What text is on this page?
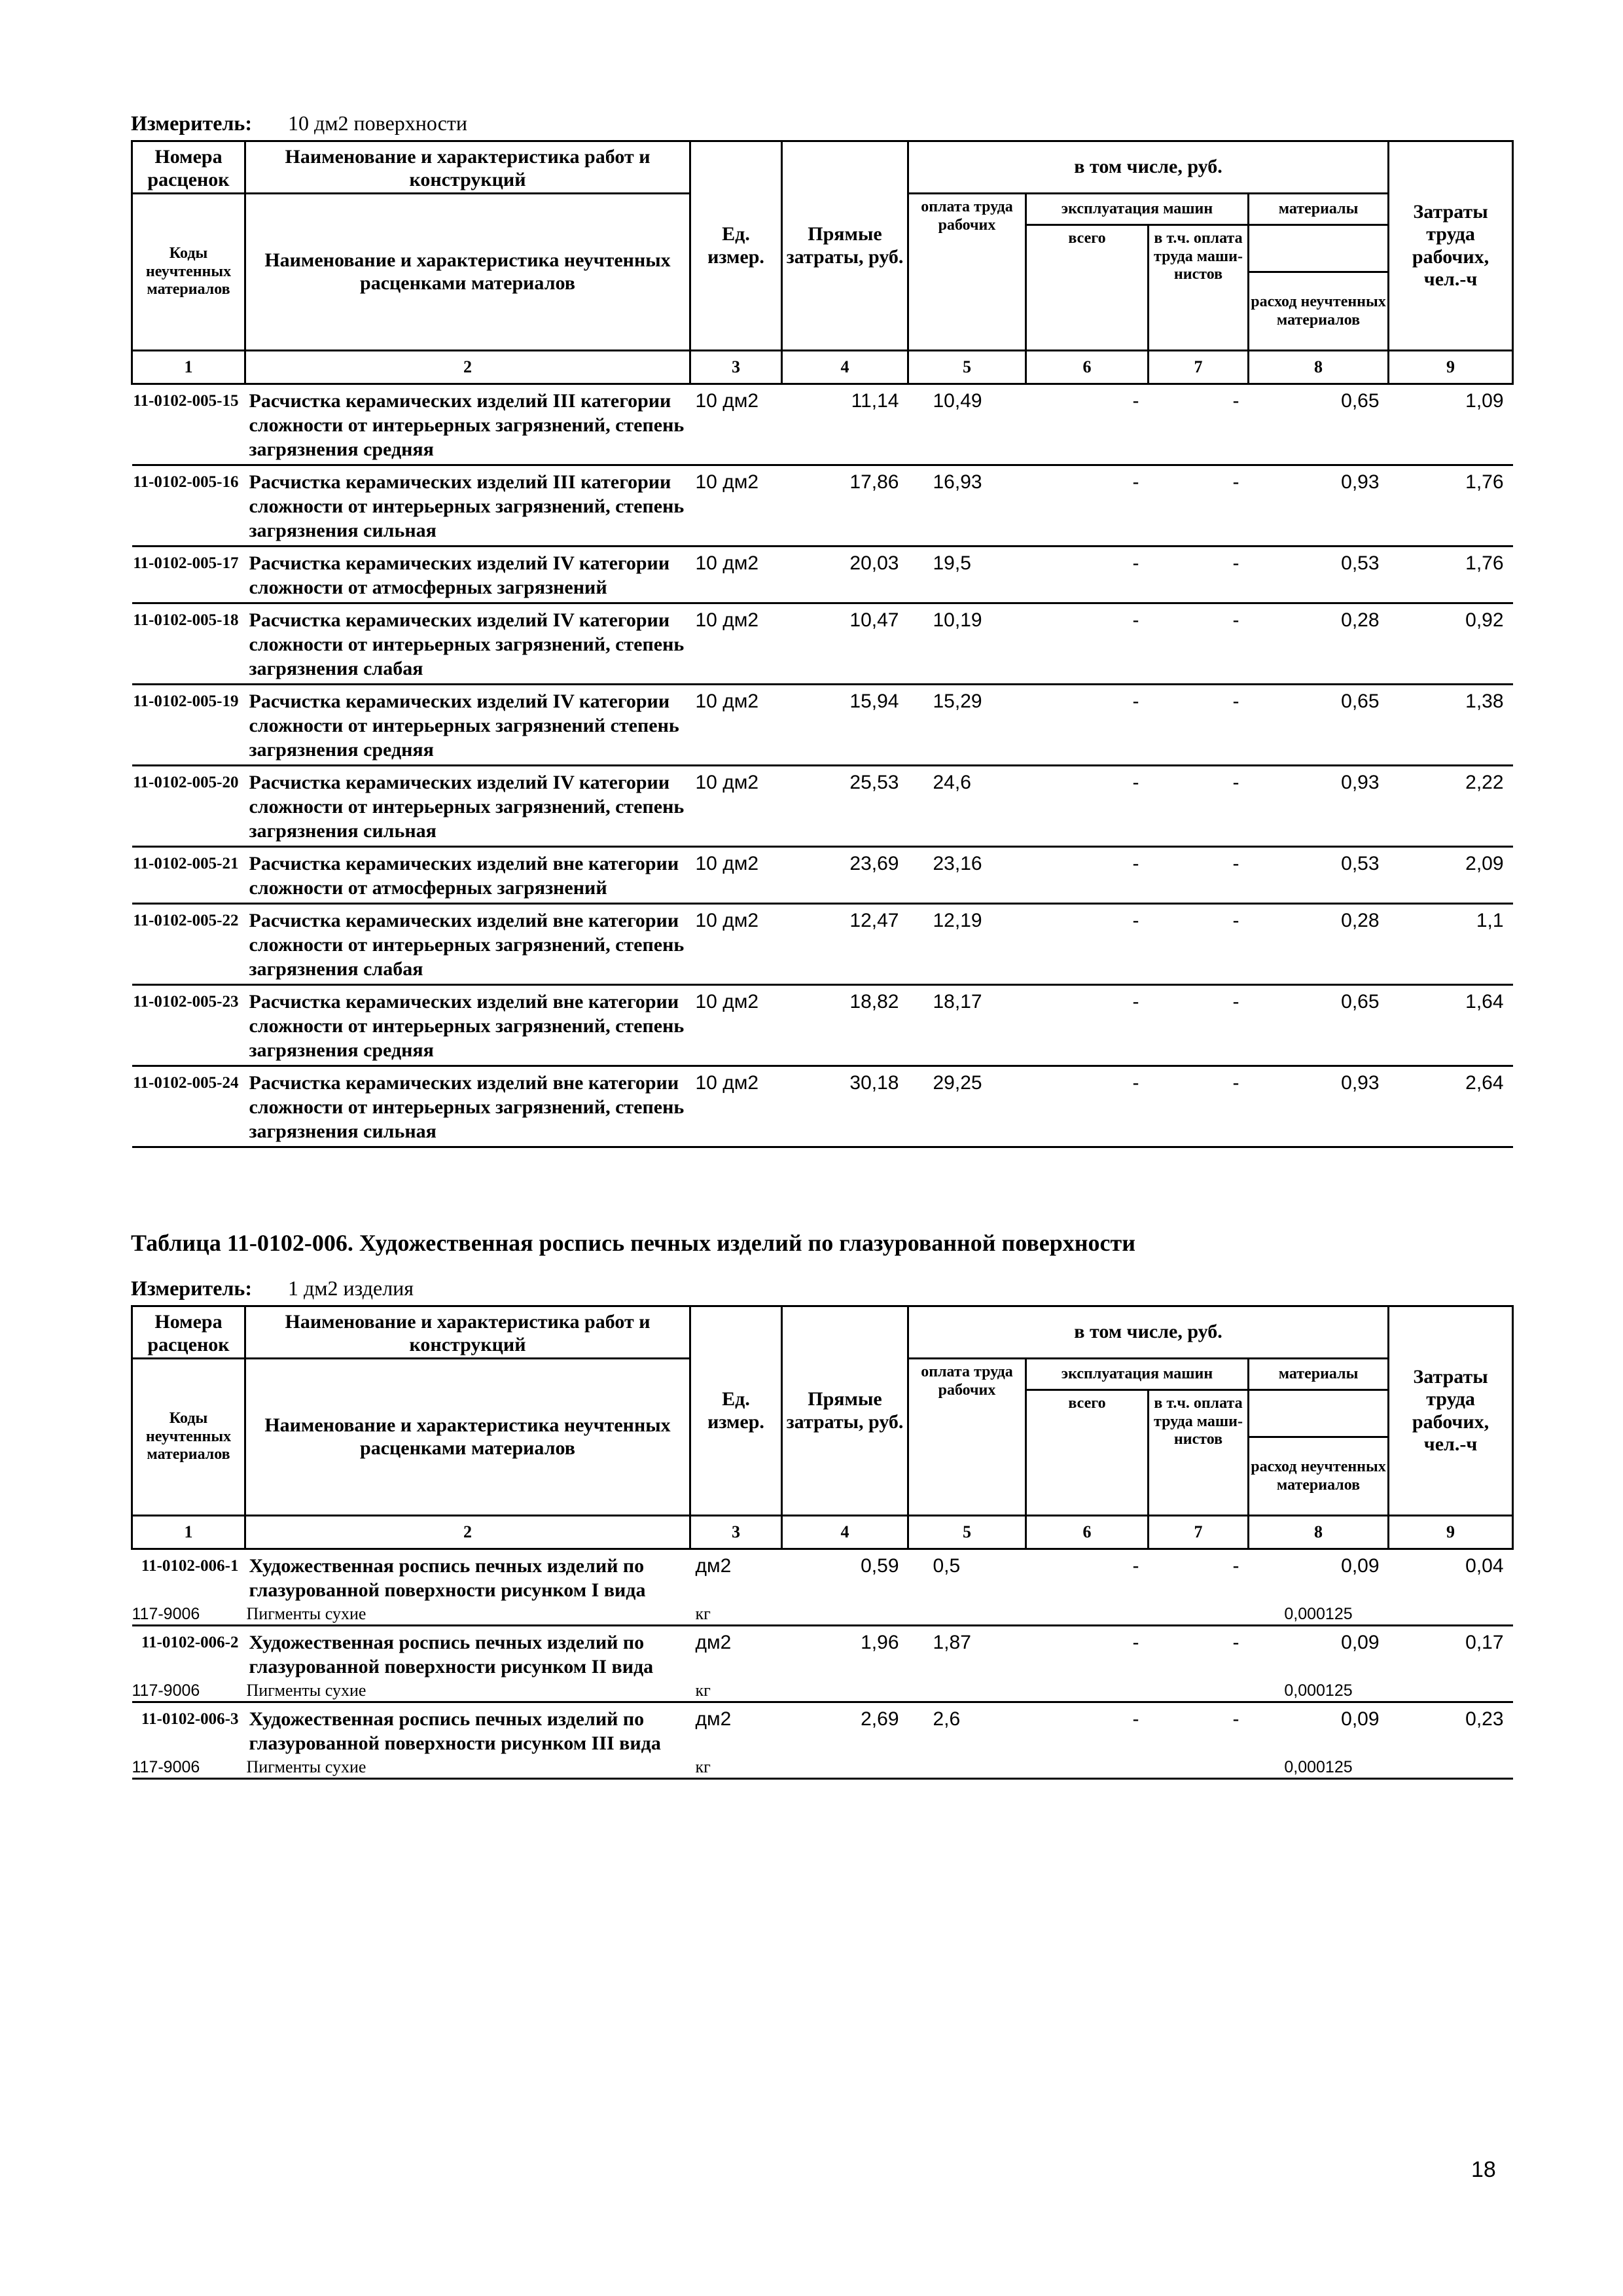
Измеритель: 10 дм2 поверхности
Номера расценок	Наименование и характеристика работ и конструкций	Ед. измер.	Прямые затраты, руб.	в том числе, руб.				Затраты труда рабочих, чел.-ч
Коды неучтенных материалов	Наименование и характеристика неучтенных расценками материалов			оплата труда рабочих	эксплуатация машин		материалы	
					всего	в т.ч. оплата труда маши- нистов		
							расход неучтенных материалов	
1	2	3	4	5	6	7	8	9
11-0102-005-15	Расчистка керамических изделий III категории сложности от интерьерных загрязнений, степень загрязнения средняя	10 дм2	11,14	10,49	-	-	0,65	1,09
11-0102-005-16	Расчистка керамических изделий III категории сложности от интерьерных загрязнений, степень загрязнения сильная	10 дм2	17,86	16,93	-	-	0,93	1,76
11-0102-005-17	Расчистка керамических изделий IV категории сложности от атмосферных загрязнений	10 дм2	20,03	19,5	-	-	0,53	1,76
11-0102-005-18	Расчистка керамических изделий IV категории сложности от интерьерных загрязнений, степень загрязнения слабая	10 дм2	10,47	10,19	-	-	0,28	0,92
11-0102-005-19	Расчистка керамических изделий IV категории сложности от интерьерных загрязнений степень загрязнения средняя	10 дм2	15,94	15,29	-	-	0,65	1,38
11-0102-005-20	Расчистка керамических изделий IV категории сложности от интерьерных загрязнений, степень загрязнения сильная	10 дм2	25,53	24,6	-	-	0,93	2,22
11-0102-005-21	Расчистка керамических изделий вне категории сложности от атмосферных загрязнений	10 дм2	23,69	23,16	-	-	0,53	2,09
11-0102-005-22	Расчистка керамических изделий вне категории сложности от интерьерных загрязнений, степень загрязнения слабая	10 дм2	12,47	12,19	-	-	0,28	1,1
11-0102-005-23	Расчистка керамических изделий вне категории сложности от интерьерных загрязнений, степень загрязнения средняя	10 дм2	18,82	18,17	-	-	0,65	1,64
11-0102-005-24	Расчистка керамических изделий вне категории сложности от интерьерных загрязнений, степень загрязнения сильная	10 дм2	30,18	29,25	-	-	0,93	2,64
Таблица 11-0102-006. Художественная роспись печных изделий по глазурованной поверхности
Измеритель: 1 дм2 изделия
Номера расценок	Наименование и характеристика работ и конструкций	Ед. измер.	Прямые затраты, руб.	в том числе, руб.				Затраты труда рабочих, чел.-ч
Коды неучтенных материалов	Наименование и характеристика неучтенных расценками материалов			оплата труда рабочих	эксплуатация машин		материалы	
					всего	в т.ч. оплата труда маши- нистов		
							расход неучтенных материалов	
1	2	3	4	5	6	7	8	9
11-0102-006-1	Художественная роспись печных изделий по глазурованной поверхности рисунком I вида	дм2	0,59	0,5	-	-	0,09	0,04
117-9006	Пигменты сухие	кг					0,000125	
11-0102-006-2	Художественная роспись печных изделий по глазурованной поверхности рисунком II вида	дм2	1,96	1,87	-	-	0,09	0,17
117-9006	Пигменты сухие	кг					0,000125	
11-0102-006-3	Художественная роспись печных изделий по глазурованной поверхности рисунком III вида	дм2	2,69	2,6	-	-	0,09	0,23
117-9006	Пигменты сухие	кг					0,000125	
18
